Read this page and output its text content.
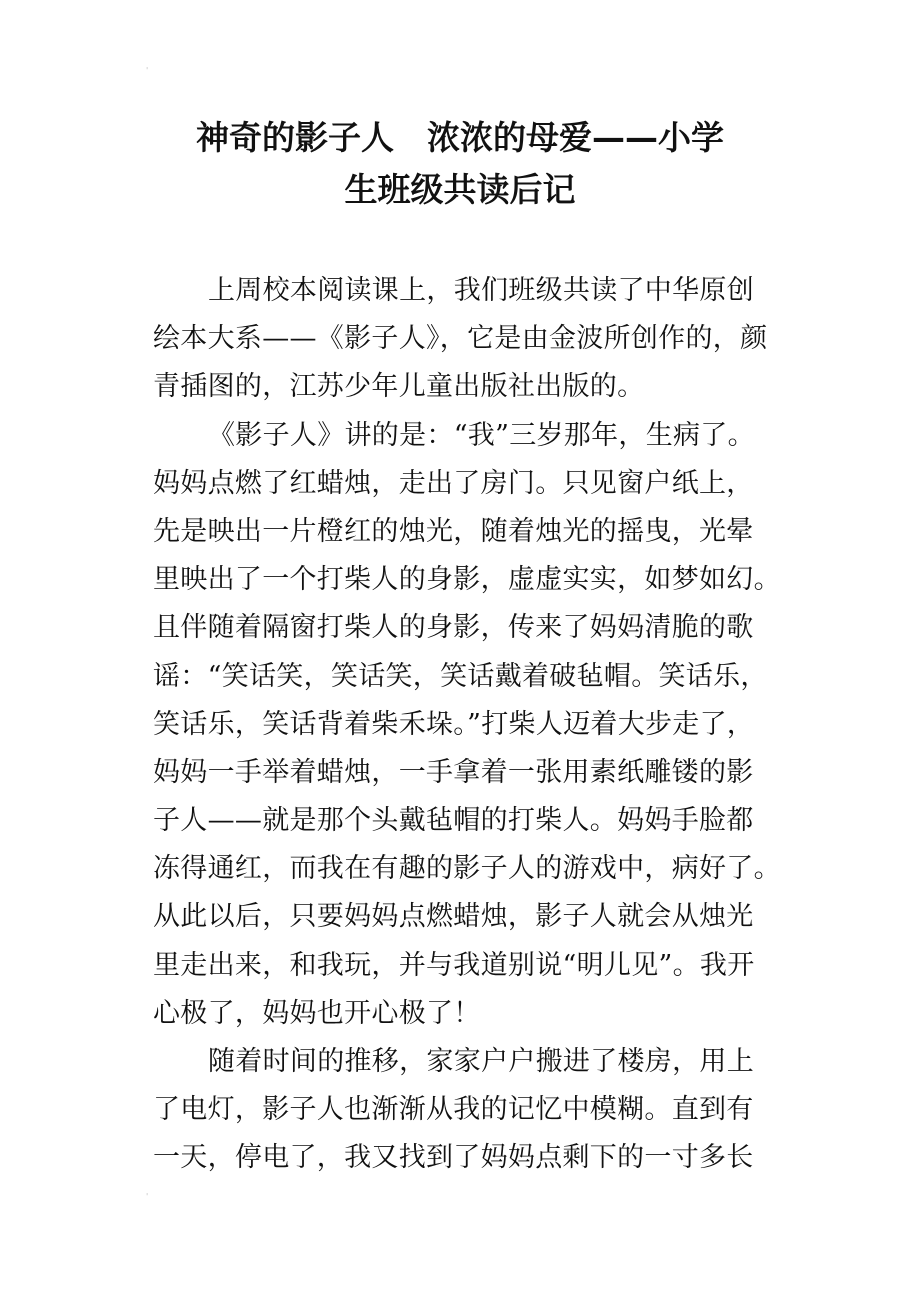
'
'
神奇的影子人　浓浓的母爱——小学
生班级共读后记
上周校本阅读课上，我们班级共读了中华原创
绘本大系——《影子人》，它是由金波所创作的，颜
青插图的，江苏少年儿童出版社出版的。
《影子人》讲的是：“我”三岁那年，生病了。
妈妈点燃了红蜡烛，走出了房门。只见窗户纸上，
先是映出一片橙红的烛光，随着烛光的摇曳，光晕
里映出了一个打柴人的身影，虚虚实实，如梦如幻。
且伴随着隔窗打柴人的身影，传来了妈妈清脆的歌
谣：“笑话笑，笑话笑，笑话戴着破毡帽。笑话乐，
笑话乐，笑话背着柴禾垛。”打柴人迈着大步走了，
妈妈一手举着蜡烛，一手拿着一张用素纸雕镂的影
子人——就是那个头戴毡帽的打柴人。妈妈手脸都
冻得通红，而我在有趣的影子人的游戏中，病好了。
从此以后，只要妈妈点燃蜡烛，影子人就会从烛光
里走出来，和我玩，并与我道别说“明儿见”。我开
心极了，妈妈也开心极了！
随着时间的推移，家家户户搬进了楼房，用上
了电灯，影子人也渐渐从我的记忆中模糊。直到有
一天，停电了，我又找到了妈妈点剩下的一寸多长
